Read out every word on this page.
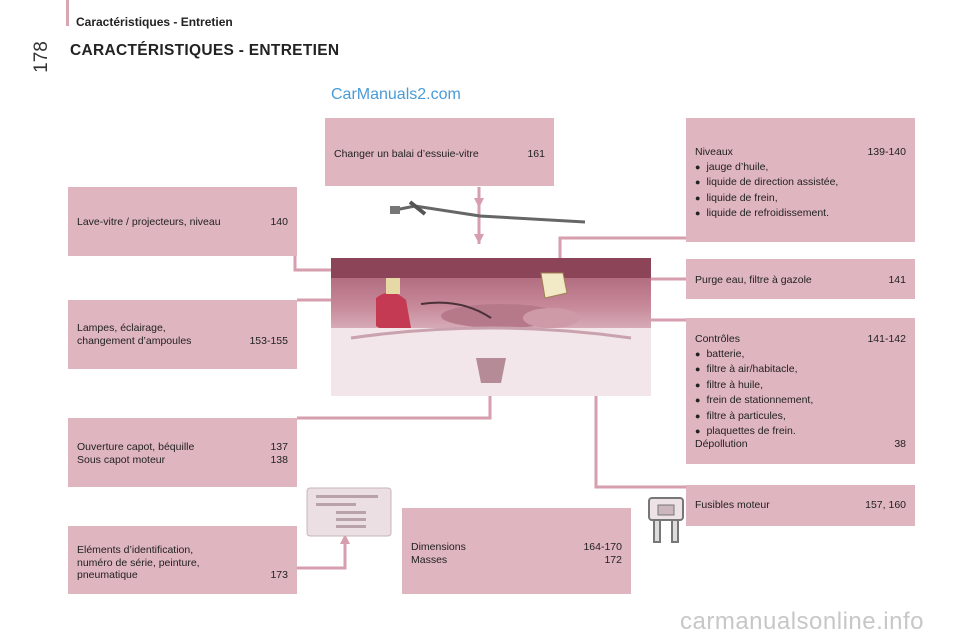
178
Caractéristiques - Entretien
CARACTÉRISTIQUES - ENTRETIEN
CarManuals2.com
Changer un balai d’essuie-vitre	161
Lave-vitre / projecteurs, niveau	140
Lampes, éclairage,
changement d’ampoules	153-155
Ouverture capot, béquille	137
Sous capot moteur	138
Eléments d’identification,
numéro de série, peinture,
pneumatique	173
Dimensions	164-170
Masses	172
Niveaux	139-140
● jauge d’huile,
● liquide de direction assistée,
● liquide de frein,
● liquide de refroidissement.
Purge eau, filtre à gazole	141
Contrôles	141-142
● batterie,
● filtre à air/habitacle,
● filtre à huile,
● frein de stationnement,
● filtre à particules,
● plaquettes de frein.
Dépollution	38
Fusibles moteur	157, 160
carmanualsonline.info
